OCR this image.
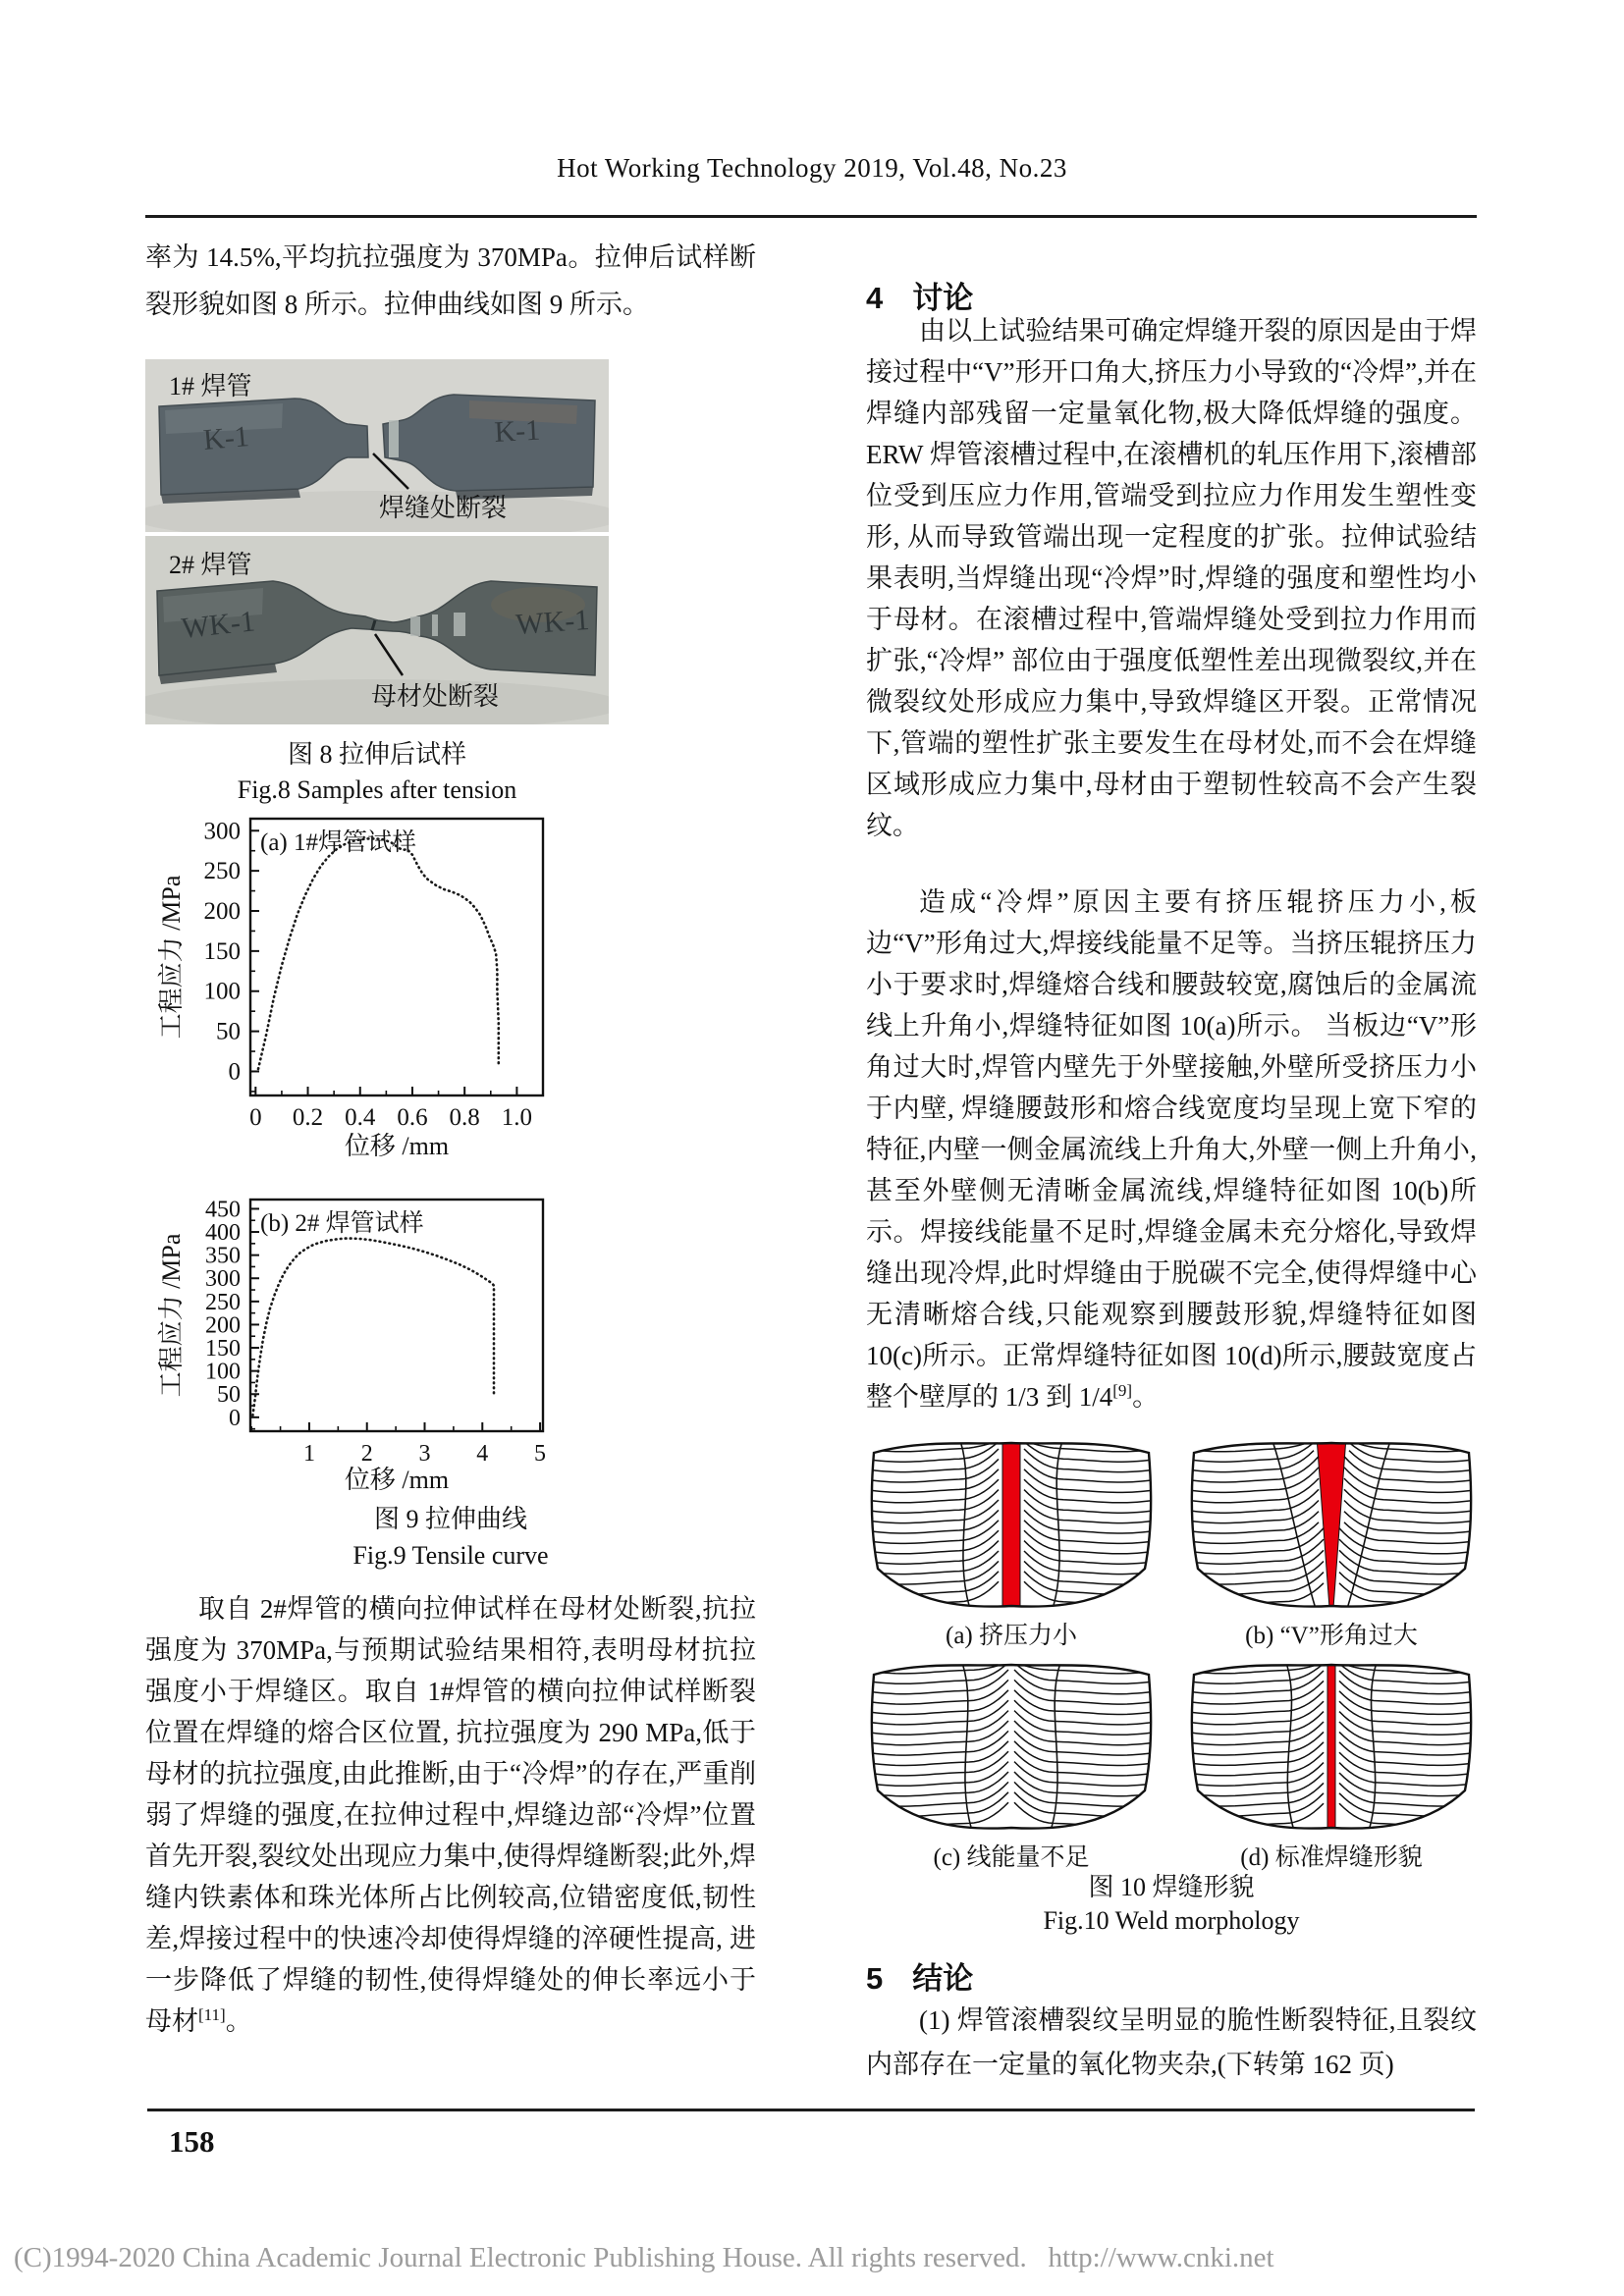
Hot Working Technology 2019, Vol.48, No.23

率为 14.5%,平均抗拉强度为 370MPa。拉伸后试样断裂形貌如图 8 所示。拉伸曲线如图 9 所示。

K-1	K-1
1# 焊管
焊缝处断裂
WK-1	WK-1
2# 焊管
母材处断裂
图 8 拉伸后试样
Fig.8 Samples after tension
0 0.2 0.4 0.6 0.8 1.0
0
50
100
150
200
250
300
位移 /mm
工程应力 /MPa
(a) 1#焊管试样
1 2 3 4 5
0
50
100
150
200
250
300
350
400
450
位移 /mm
工程应力 /MPa
(b) 2# 焊管试样
图 9 拉伸曲线
Fig.9 Tensile curve

取自 2#焊管的横向拉伸试样在母材处断裂,抗拉强度为 370MPa,与预期试验结果相符,表明母材抗拉强度小于焊缝区。取自 1#焊管的横向拉伸试样断裂位置在焊缝的熔合区位置, 抗拉强度为 290 MPa,低于母材的抗拉强度,由此推断,由于“冷焊”的存在,严重削弱了焊缝的强度,在拉伸过程中,焊缝边部“冷焊”位置首先开裂,裂纹处出现应力集中,使得焊缝断裂;此外,焊缝内铁素体和珠光体所占比例较高,位错密度低,韧性差,焊接过程中的快速冷却使得焊缝的淬硬性提高, 进一步降低了焊缝的韧性,使得焊缝处的伸长率远小于母材[11]。

4 讨论

由以上试验结果可确定焊缝开裂的原因是由于焊接过程中“V”形开口角大,挤压力小导致的“冷焊”,并在焊缝内部残留一定量氧化物,极大降低焊缝的强度。ERW 焊管滚槽过程中,在滚槽机的轧压作用下,滚槽部位受到压应力作用,管端受到拉应力作用发生塑性变形, 从而导致管端出现一定程度的扩张。拉伸试验结果表明,当焊缝出现“冷焊”时,焊缝的强度和塑性均小于母材。在滚槽过程中,管端焊缝处受到拉力作用而扩张,“冷焊” 部位由于强度低塑性差出现微裂纹,并在微裂纹处形成应力集中,导致焊缝区开裂。正常情况下,管端的塑性扩张主要发生在母材处,而不会在焊缝区域形成应力集中,母材由于塑韧性较高不会产生裂纹。

造成“冷焊”原因主要有挤压辊挤压力小,板边“V”形角过大,焊接线能量不足等。当挤压辊挤压力小于要求时,焊缝熔合线和腰鼓较宽,腐蚀后的金属流线上升角小,焊缝特征如图 10(a)所示。 当板边“V”形角过大时,焊管内壁先于外壁接触,外壁所受挤压力小于内壁, 焊缝腰鼓形和熔合线宽度均呈现上宽下窄的特征,内壁一侧金属流线上升角大,外壁一侧上升角小,甚至外壁侧无清晰金属流线,焊缝特征如图 10(b)所示。焊接线能量不足时,焊缝金属未充分熔化,导致焊缝出现冷焊,此时焊缝由于脱碳不完全,使得焊缝中心无清晰熔合线,只能观察到腰鼓形貌,焊缝特征如图 10(c)所示。正常焊缝特征如图 10(d)所示,腰鼓宽度占整个壁厚的 1/3 到 1/4[9]。

(a) 挤压力小	(b) “V”形角过大
(c) 线能量不足	(d) 标准焊缝形貌
图 10 焊缝形貌
Fig.10 Weld morphology
5 结论

(1) 焊管滚槽裂纹呈明显的脆性断裂特征,且裂纹内部存在一定量的氧化物夹杂,(下转第 162 页)

158
(C)1994-2020 China Academic Journal Electronic Publishing House. All rights reserved.   http://www.cnki.net
